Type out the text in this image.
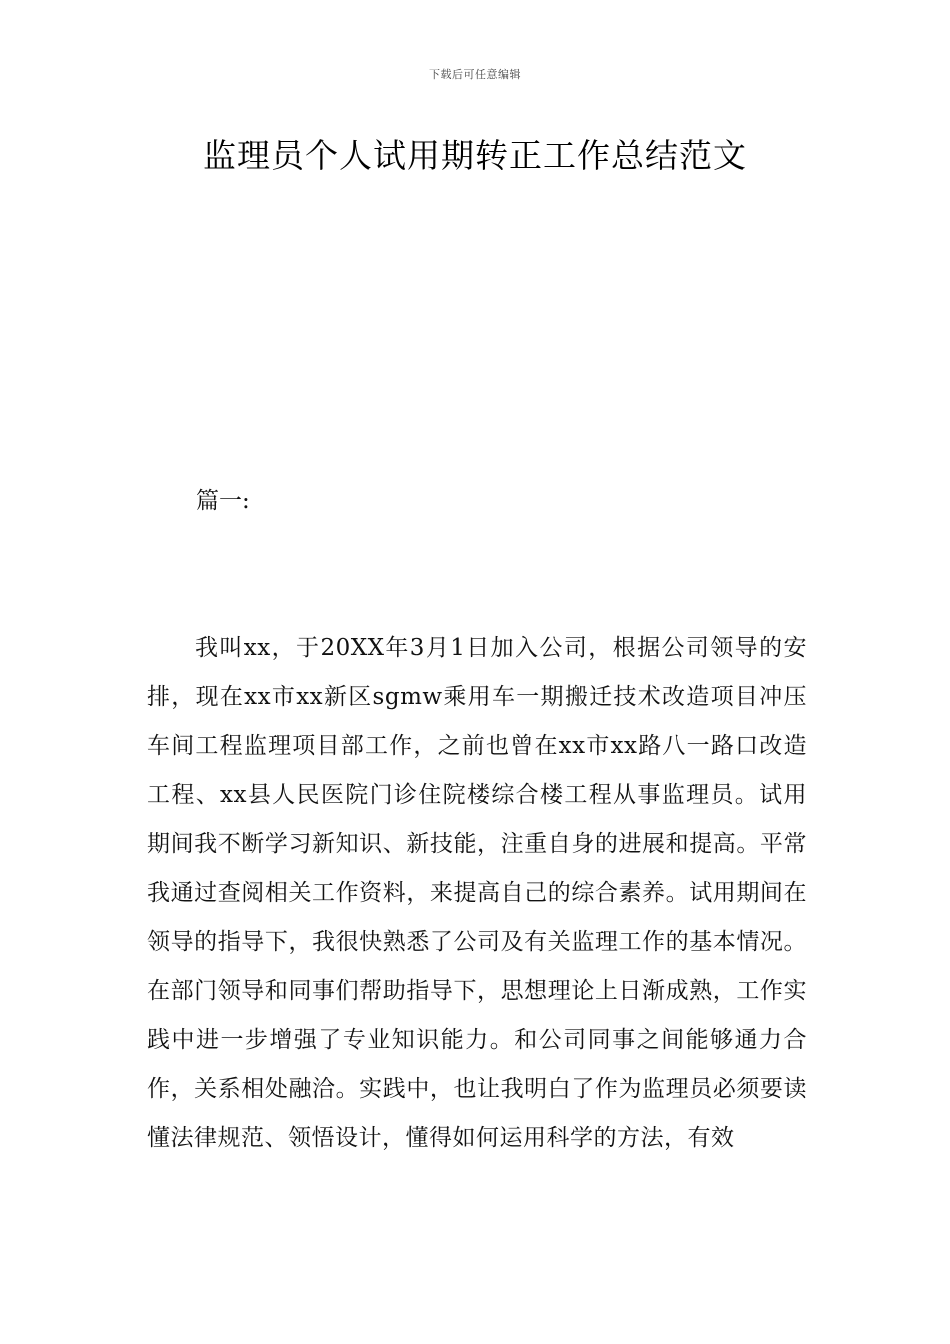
下载后可任意编辑
监理员个人试用期转正工作总结范文

篇一:

我叫xx，于20XX年3月1日加入公司，根据公司领导的安排，现在xx市xx新区sgmw乘用车一期搬迁技术改造项目冲压车间工程监理项目部工作，之前也曾在xx市xx路八一路口改造工程、xx县人民医院门诊住院楼综合楼工程从事监理员。试用期间我不断学习新知识、新技能，注重自身的进展和提高。平常我通过查阅相关工作资料，来提高自己的综合素养。试用期间在领导的指导下，我很快熟悉了公司及有关监理工作的基本情况。在部门领导和同事们帮助指导下，思想理论上日渐成熟，工作实践中进一步增强了专业知识能力。和公司同事之间能够通力合作，关系相处融洽。实践中，也让我明白了作为监理员必须要读懂法律规范、领悟设计，懂得如何运用科学的方法，有效
